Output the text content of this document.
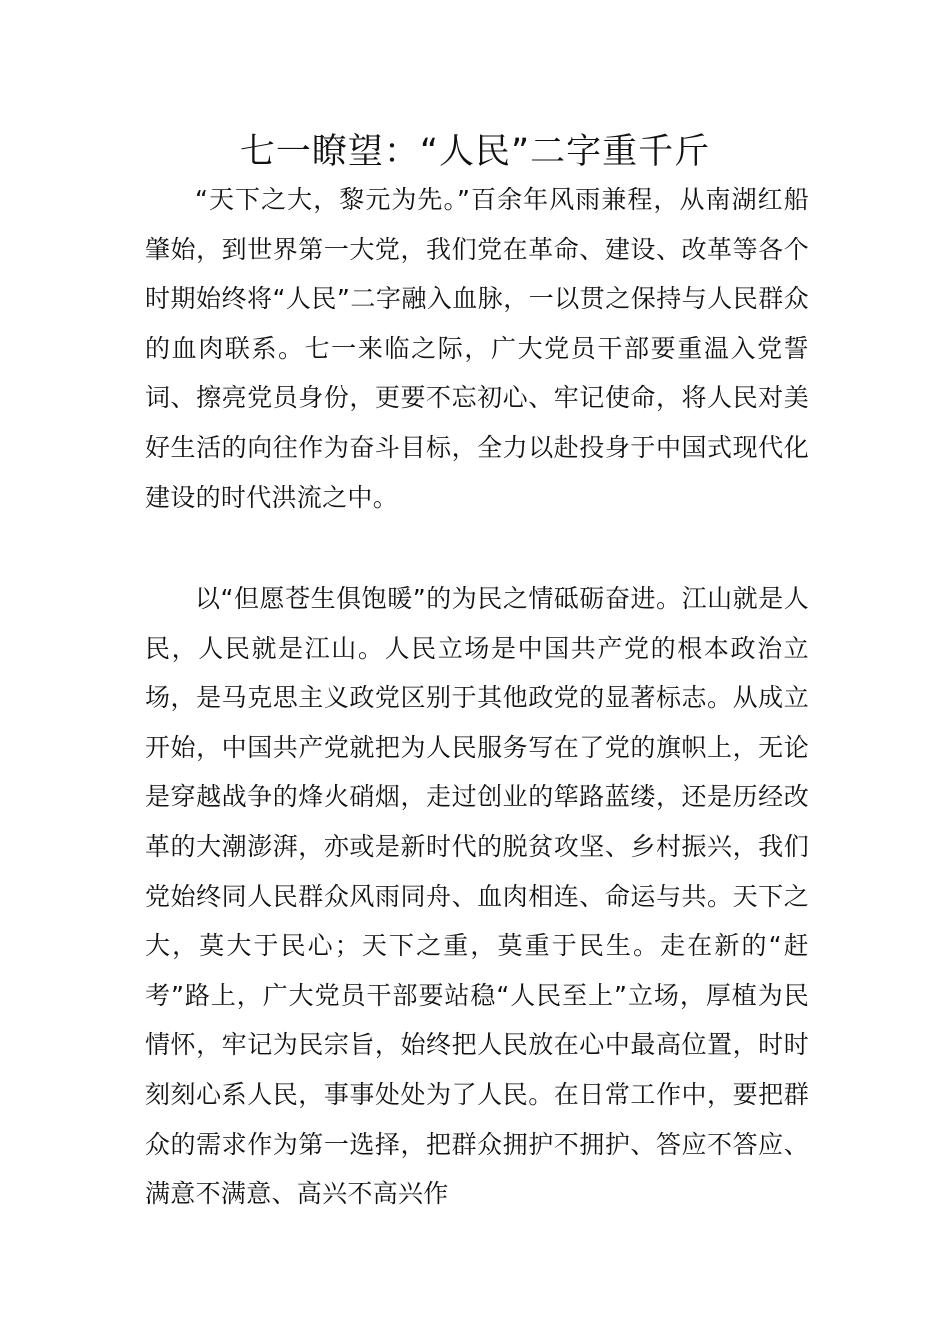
七一瞭望：“人民”二字重千斤

“天下之大，黎元为先。”百余年风雨兼程，从南湖红船肇始，到世界第一大党，我们党在革命、建设、改革等各个时期始终将“人民”二字融入血脉，一以贯之保持与人民群众的血肉联系。七一来临之际，广大党员干部要重温入党誓词、擦亮党员身份，更要不忘初心、牢记使命，将人民对美好生活的向往作为奋斗目标，全力以赴投身于中国式现代化建设的时代洪流之中。

以“但愿苍生俱饱暖”的为民之情砥砺奋进。江山就是人民，人民就是江山。人民立场是中国共产党的根本政治立场，是马克思主义政党区别于其他政党的显著标志。从成立开始，中国共产党就把为人民服务写在了党的旗帜上，无论是穿越战争的烽火硝烟，走过创业的筚路蓝缕，还是历经改革的大潮澎湃，亦或是新时代的脱贫攻坚、乡村振兴，我们党始终同人民群众风雨同舟、血肉相连、命运与共。天下之大，莫大于民心；天下之重，莫重于民生。走在新的“赶考”路上，广大党员干部要站稳“人民至上”立场，厚植为民情怀，牢记为民宗旨，始终把人民放在心中最高位置，时时刻刻心系人民，事事处处为了人民。在日常工作中，要把群众的需求作为第一选择，把群众拥护不拥护、答应不答应、满意不满意、高兴不高兴作
